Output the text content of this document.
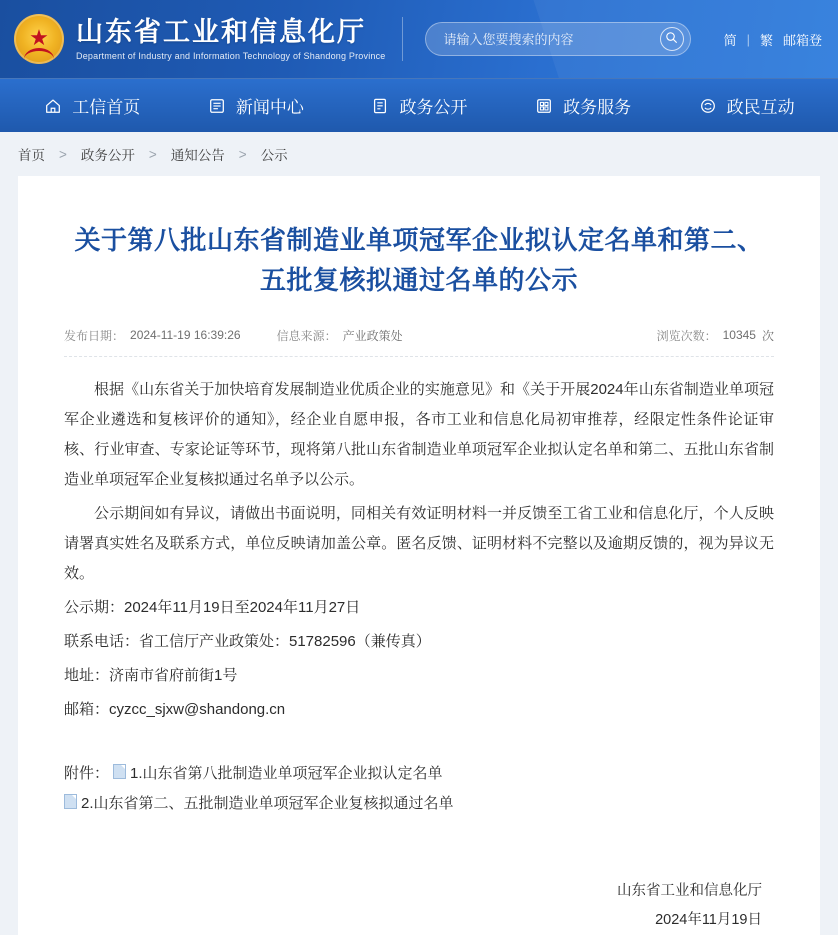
★ 山东省工业和信息化厅
Department of Industry and Information Technology of Shandong Province
请输入您要搜索的内容
简 | 繁 邮箱登
工信首页	新闻中心	政务公开	政务服务	政民互动
首页 > 政务公开 > 通知公告 > 公示
关于第八批山东省制造业单项冠军企业拟认定名单和第二、五批复核拟通过名单的公示
发布日期： 2024-11-19 16:39:26	信息来源： 产业政策处	浏览次数： 10345 次

根据《山东省关于加快培育发展制造业优质企业的实施意见》和《关于开展2024年山东省制造业单项冠军企业遴选和复核评价的通知》，经企业自愿申报，各市工业和信息化局初审推荐，经限定性条件论证审核、行业审查、专家论证等环节，现将第八批山东省制造业单项冠军企业拟认定名单和第二、五批山东省制造业单项冠军企业复核拟通过名单予以公示。

公示期间如有异议，请做出书面说明，同相关有效证明材料一并反馈至工省工业和信息化厅，个人反映请署真实姓名及联系方式，单位反映请加盖公章。匿名反馈、证明材料不完整以及逾期反馈的，视为异议无效。

公示期：2024年11月19日至2024年11月27日

联系电话：省工信厅产业政策处：51782596（兼传真）

地址：济南市省府前街1号

邮箱：cyzcc_sjxw@shandong.cn

附件： 1.山东省第八批制造业单项冠军企业拟认定名单
2.山东省第二、五批制造业单项冠军企业复核拟通过名单
山东省工业和信息化厅
2024年11月19日
